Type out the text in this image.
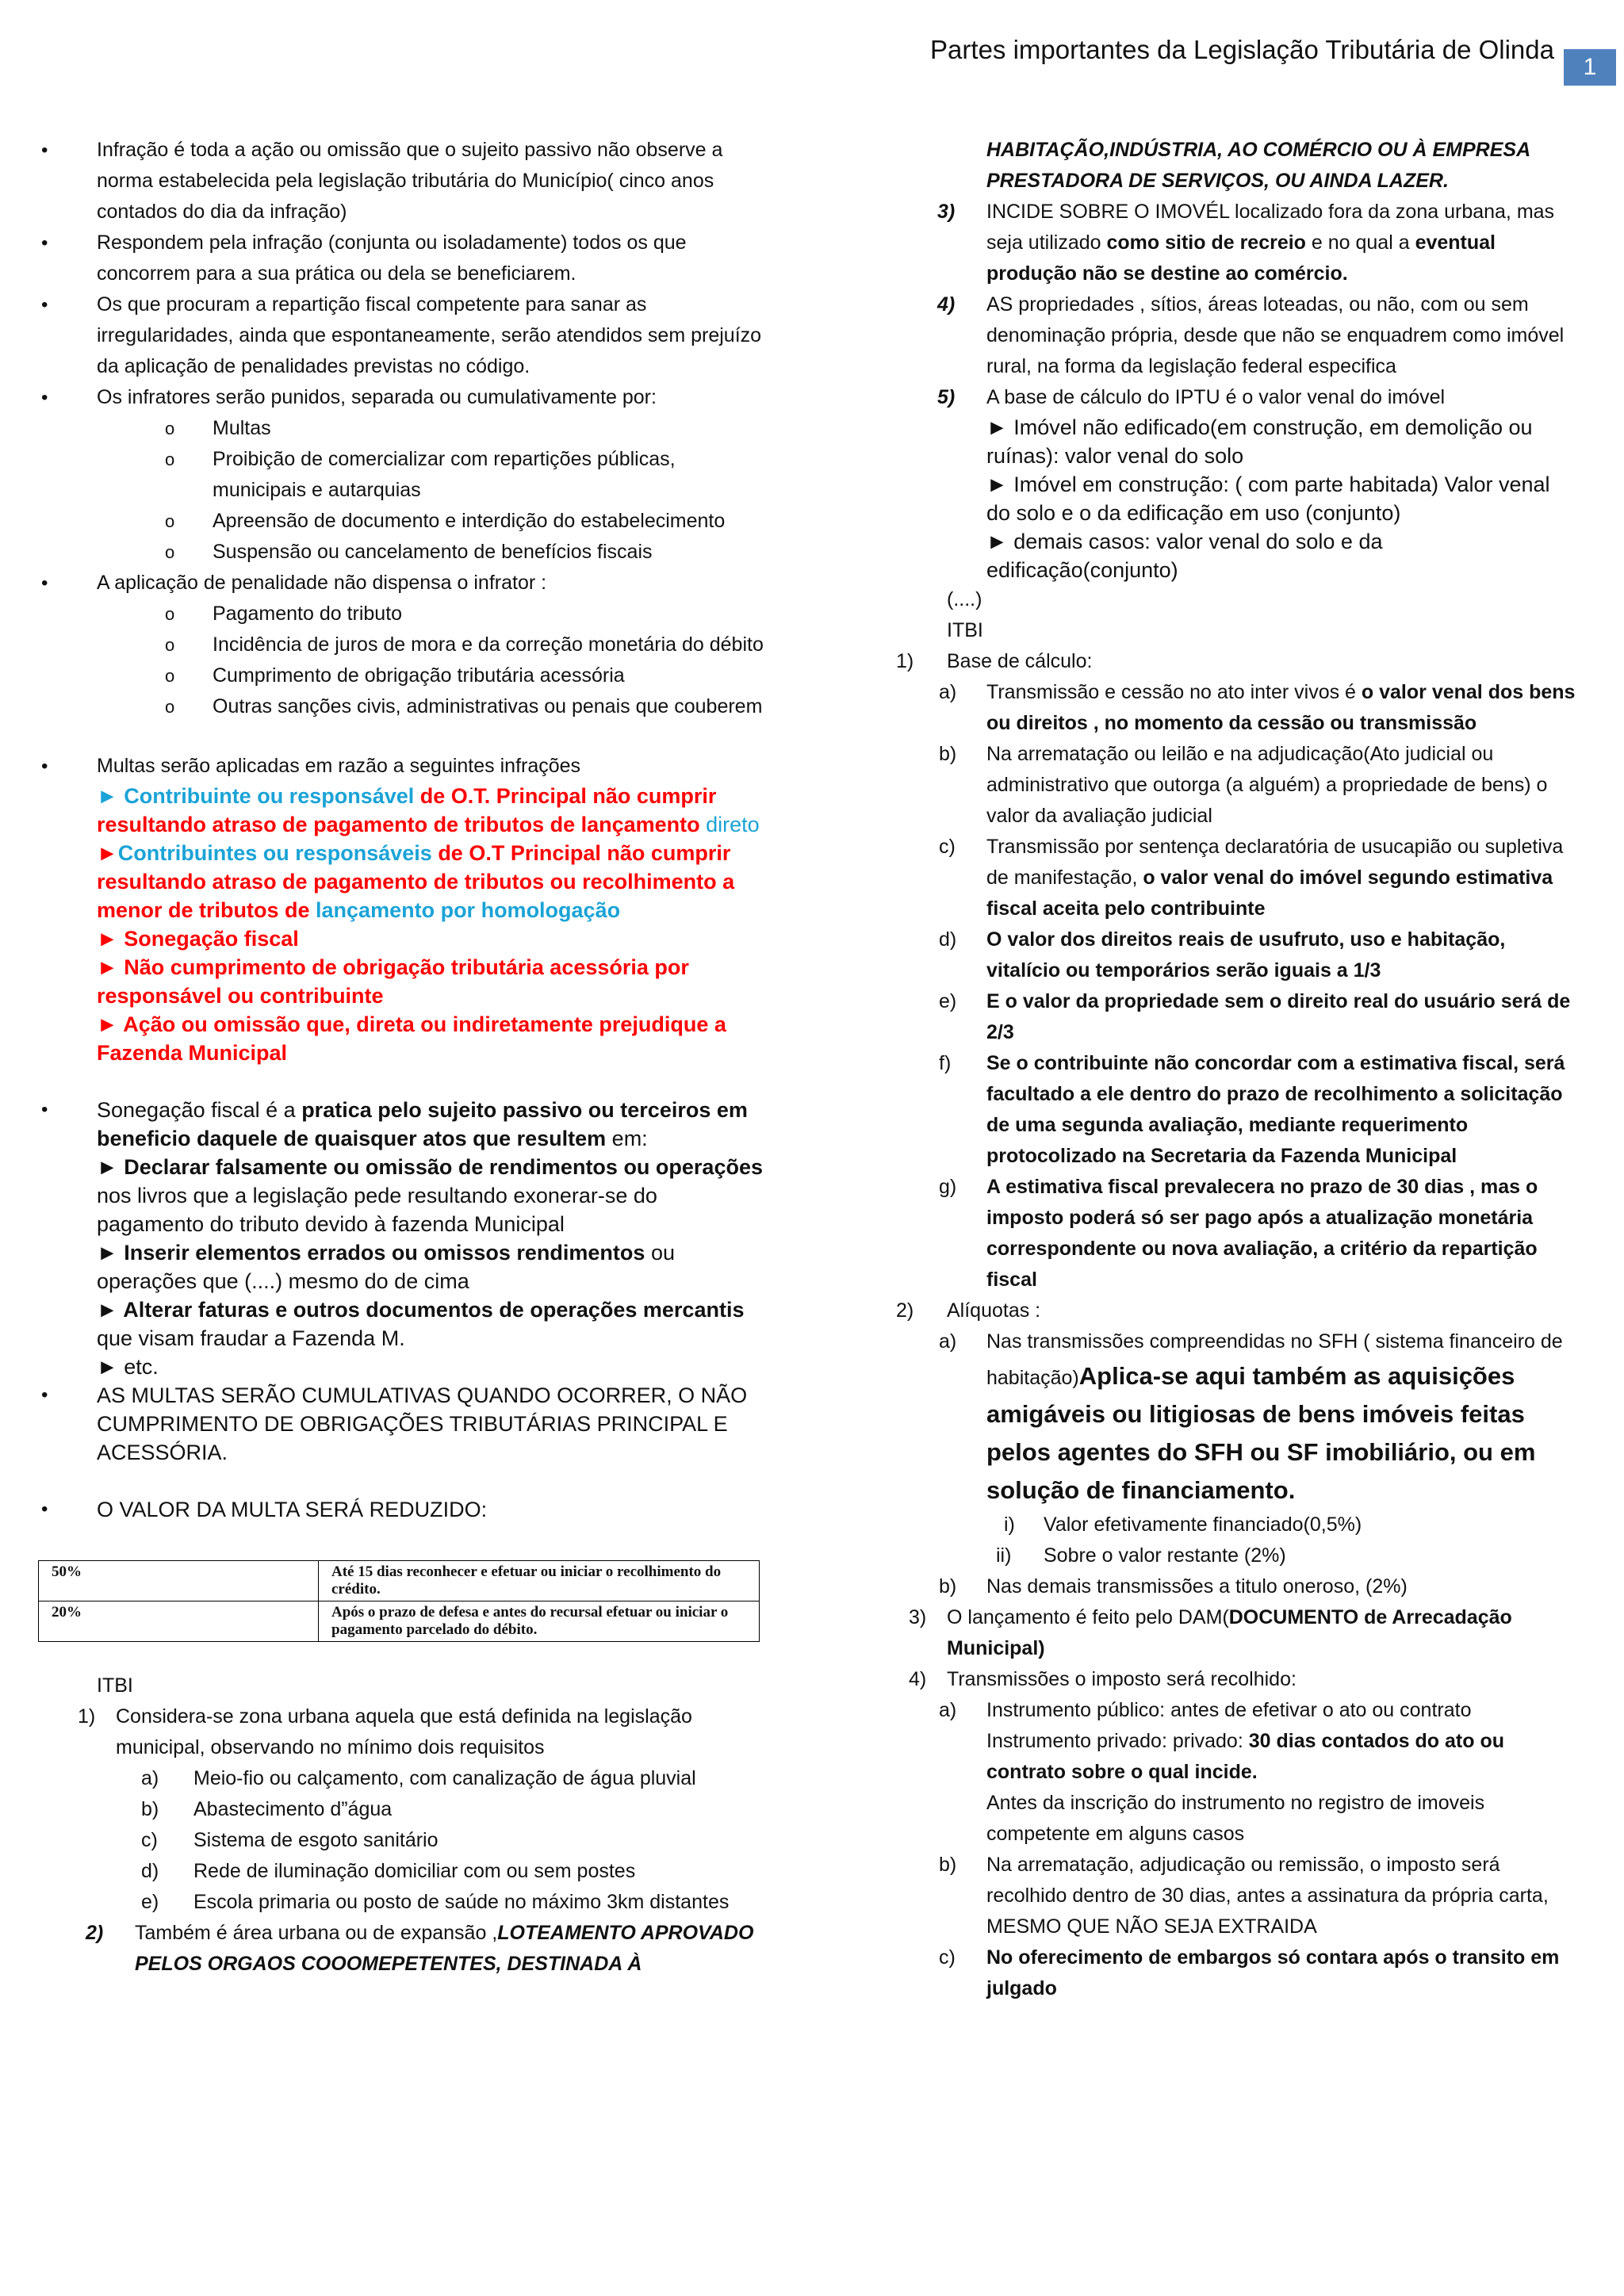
Partes importantes da Legislação Tributária de Olinda
1
• Infração é toda a ação ou omissão que o sujeito passivo não observe a norma estabelecida pela legislação tributária do Município( cinco anos contados do dia da infração)
• Respondem pela infração (conjunta ou isoladamente) todos os que concorrem para a sua prática ou dela se beneficiarem.
• Os que procuram a repartição fiscal competente para sanar as irregularidades, ainda que espontaneamente, serão atendidos sem prejuízo da aplicação de penalidades previstas no código.
• Os infratores serão punidos, separada ou cumulativamente por:
o Multas
o Proibição de comercializar com repartições públicas, municipais e autarquias
o Apreensão de documento e interdição do estabelecimento
o Suspensão ou cancelamento de benefícios fiscais
• A aplicação de penalidade não dispensa o infrator :
o Pagamento do tributo
o Incidência de juros de mora e da correção monetária do débito
o Cumprimento de obrigação tributária acessória
o Outras sanções civis, administrativas ou penais que couberem
• Multas serão aplicadas em razão a seguintes infrações
► Contribuinte ou responsável de O.T. Principal não cumprir resultando atraso de pagamento de tributos de lançamento direto
►Contribuintes ou responsáveis de O.T Principal não cumprir resultando atraso de pagamento de tributos ou recolhimento a menor de tributos de lançamento por homologação
► Sonegação fiscal
► Não cumprimento de obrigação tributária acessória por responsável ou contribuinte
► Ação ou omissão que, direta ou indiretamente prejudique a Fazenda Municipal
• Sonegação fiscal é a pratica pelo sujeito passivo ou terceiros em beneficio daquele de quaisquer atos que resultem em:
► Declarar falsamente ou omissão de rendimentos ou operações nos livros que a legislação pede resultando exonerar-se do pagamento do tributo devido à fazenda Municipal
► Inserir elementos errados ou omissos rendimentos ou operações que (....) mesmo do de cima
► Alterar faturas e outros documentos de operações mercantis que visam fraudar a Fazenda M.
► etc.
• AS MULTAS SERÃO CUMULATIVAS QUANDO OCORRER, O NÃO CUMPRIMENTO DE OBRIGAÇÕES TRIBUTÁRIAS PRINCIPAL E ACESSÓRIA.
• O VALOR DA MULTA SERÁ REDUZIDO:
50%	Até 15 dias reconhecer e efetuar ou iniciar o recolhimento do crédito.
20%	Após o prazo de defesa e antes do recursal efetuar ou iniciar o pagamento parcelado do débito.
ITBI
1) Considera-se zona urbana aquela que está definida na legislação municipal, observando no mínimo dois requisitos
a) Meio-fio ou calçamento, com canalização de água pluvial
b) Abastecimento d”água
c) Sistema de esgoto sanitário
d) Rede de iluminação domiciliar com ou sem postes
e) Escola primaria ou posto de saúde no máximo 3km distantes
2) Também é área urbana ou de expansão ,LOTEAMENTO APROVADO PELOS ORGAOS COOOMEPETENTES, DESTINADA À
HABITAÇÃO,INDÚSTRIA, AO COMÉRCIO OU À EMPRESA PRESTADORA DE SERVIÇOS, OU AINDA LAZER.
3) INCIDE SOBRE O IMOVÉL localizado fora da zona urbana, mas seja utilizado como sitio de recreio e no qual a eventual produção não se destine ao comércio.
4) AS propriedades , sítios, áreas loteadas, ou não, com ou sem denominação própria, desde que não se enquadrem como imóvel rural, na forma da legislação federal especifica
5) A base de cálculo do IPTU é o valor venal do imóvel
► Imóvel não edificado(em construção, em demolição ou ruínas): valor venal do solo
► Imóvel em construção: ( com parte habitada) Valor venal do solo e o da edificação em uso (conjunto)
► demais casos: valor venal do solo e da edificação(conjunto)
(....)
ITBI
1) Base de cálculo:
a) Transmissão e cessão no ato inter vivos é o valor venal dos bens ou direitos , no momento da cessão ou transmissão
b) Na arrematação ou leilão e na adjudicação(Ato judicial ou administrativo que outorga (a alguém) a propriedade de bens) o valor da avaliação judicial
c) Transmissão por sentença declaratória de usucapião ou supletiva de manifestação, o valor venal do imóvel segundo estimativa fiscal aceita pelo contribuinte
d) O valor dos direitos reais de usufruto, uso e habitação, vitalício ou temporários serão iguais a 1/3
e) E o valor da propriedade sem o direito real do usuário será de 2/3
f) Se o contribuinte não concordar com a estimativa fiscal, será facultado a ele dentro do prazo de recolhimento a solicitação de uma segunda avaliação, mediante requerimento protocolizado na Secretaria da Fazenda Municipal
g) A estimativa fiscal prevalecera no prazo de 30 dias , mas o imposto poderá só ser pago após a atualização monetária correspondente ou nova avaliação, a critério da repartição fiscal
2) Alíquotas :
a) Nas transmissões compreendidas no SFH ( sistema financeiro de habitação)Aplica-se aqui também as aquisições amigáveis ou litigiosas de bens imóveis feitas pelos agentes do SFH ou SF imobiliário, ou em solução de financiamento.
i) Valor efetivamente financiado(0,5%)
ii) Sobre o valor restante (2%)
b) Nas demais transmissões a titulo oneroso, (2%)
3) O lançamento é feito pelo DAM(DOCUMENTO de Arrecadação Municipal)
4) Transmissões o imposto será recolhido:
a) Instrumento público: antes de efetivar o ato ou contrato
Instrumento privado: privado: 30 dias contados do ato ou contrato sobre o qual incide.
Antes da inscrição do instrumento no registro de imoveis competente em alguns casos
b) Na arrematação, adjudicação ou remissão, o imposto será recolhido dentro de 30 dias, antes a assinatura da própria carta, MESMO QUE NÃO SEJA EXTRAIDA
c) No oferecimento de embargos só contara após o transito em julgado
